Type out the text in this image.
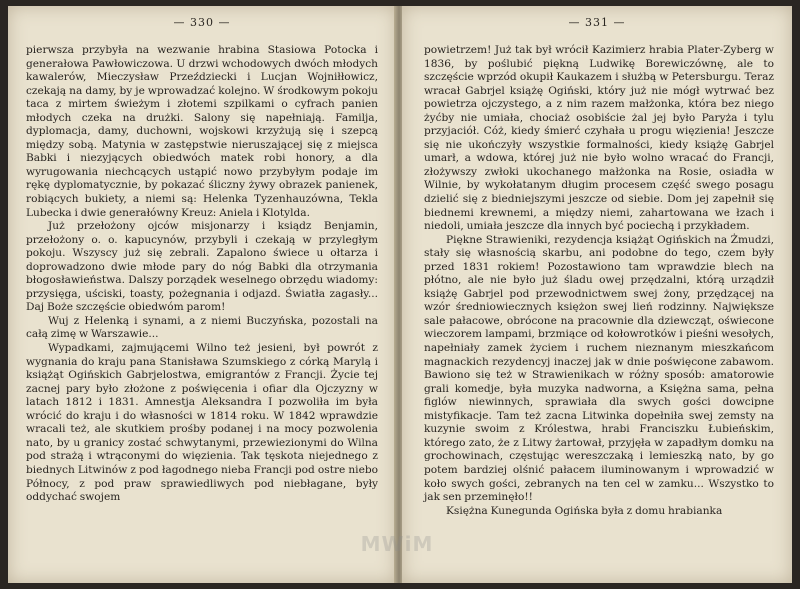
— 330 —

pierwsza przybyła na wezwanie hrabina Stasiowa Potocka i generałowa Pawłowiczowa. U drzwi wchodowych dwóch młodych kawalerów, Mieczysław Przeździecki i Lucjan Wojniłłowicz, czekają na damy, by je wprowadzać kolejno. W środkowym pokoju taca z mirtem świeżym i złotemi szpilkami o cyfrach panien młodych czeka na drużki. Salony się napełniają. Familja, dyplomacja, damy, duchowni, wojskowi krzyżują się i szepcą między sobą. Matynia w zastępstwie nieruszającej się z miejsca Babki i niezyjących obiedwóch matek robi honory, a dla wyrugowania niechcących ustąpić nowo przybyłym podaje im rękę dyplomatycznie, by pokazać śliczny żywy obrazek panienek, robiących bukiety, a niemi są: Helenka Tyzenhauzówna, Tekla Lubecka i dwie generałówny Kreuz: Aniela i Klotylda.

Już przełożony ojców misjonarzy i ksiądz Benjamin, przełożony o. o. kapucynów, przybyli i czekają w przyległym pokoju. Wszyscy już się zebrali. Zapalono świece u ołtarza i doprowadzono dwie młode pary do nóg Babki dla otrzymania błogosławieństwa. Dalszy porządek weselnego obrzędu wiadomy: przysięga, uściski, toasty, pożegnania i odjazd. Światła zagasły... Daj Boże szczęście obiedwóm parom!

Wuj z Helenką i synami, a z niemi Buczyńska, pozostali na całą zimę w Warszawie...

Wypadkami, zajmującemi Wilno też jesieni, był powrót z wygnania do kraju pana Stanisława Szumskiego z córką Marylą i książąt Ogińskich Gabrjelostwa, emigrantów z Francji. Życie tej zacnej pary było złożone z poświęcenia i ofiar dla Ojczyzny w latach 1812 i 1831. Amnestja Aleksandra I pozwoliła im była wrócić do kraju i do własności w 1814 roku. W 1842 wprawdzie wracali też, ale skutkiem prośby podanej i na mocy pozwolenia nato, by u granicy zostać schwytanymi, przewiezionymi do Wilna pod strażą i wtrąconymi do więzienia. Tak tęskota niejednego z biednych Litwinów z pod łagodnego nieba Francji pod ostre niebo Północy, z pod praw sprawiedliwych pod niebłagane, były oddychać swojem

— 331 —

powietrzem! Już tak był wrócił Kazimierz hrabia Plater-Zyberg w 1836, by poślubić piękną Ludwikę Borewiczównę, ale to szczęście wprzód okupił Kaukazem i służbą w Petersburgu. Teraz wracał Gabrjel książę Ogiński, który już nie mógł wytrwać bez powietrza ojczystego, a z nim razem małżonka, która bez niego żyćby nie umiała, chociaż osobiście żal jej było Paryża i tylu przyjaciół. Cóż, kiedy śmierć czyhała u progu więzienia! Jeszcze się nie ukończyły wszystkie formalności, kiedy książę Gabrjel umarł, a wdowa, której już nie było wolno wracać do Francji, złożywszy zwłoki ukochanego małżonka na Rosie, osiadła w Wilnie, by wykołatanym długim procesem część swego posagu dzielić się z biedniejszymi jeszcze od siebie. Dom jej zapełnił się biednemi krewnemi, a między niemi, zahartowana we łzach i niedoli, umiała jeszcze dla innych być pociechą i przykładem.

Piękne Strawieniki, rezydencja książąt Ogińskich na Żmudzi, stały się własnością skarbu, ani podobne do tego, czem były przed 1831 rokiem! Pozostawiono tam wprawdzie blech na płótno, ale nie było już śladu owej przędzalni, którą urządził książę Gabrjel pod przewodnictwem swej żony, przędzącej na wzór średniowiecznych księżon swej lień rodzinny. Największe sale pałacowe, obrócone na pracownie dla dziewcząt, oświecone wieczorem lampami, brzmiące od kołowrotków i pieśni wesołych, napełniały zamek życiem i ruchem nieznanym mieszkańcom magnackich rezydencyj inaczej jak w dnie poświęcone zabawom. Bawiono się też w Strawienikach w różny sposób: amatorowie grali komedje, była muzyka nadworna, a Księżna sama, pełna figlów niewinnych, sprawiała dla swych gości dowcipne mistyfikacje. Tam też zacna Litwinka dopełniła swej zemsty na kuzynie swoim z Królestwa, hrabi Franciszku Łubieńskim, którego zato, że z Litwy żartował, przyjęła w zapadłym domku na grochowinach, częstując wereszczaką i lemieszką nato, by go potem bardziej olśnić pałacem iluminowanym i wprowadzić w koło swych gości, zebranych na ten cel w zamku... Wszystko to jak sen przeminęło!!

Księżna Kunegunda Ogińska była z domu hrabianka

MWiM
